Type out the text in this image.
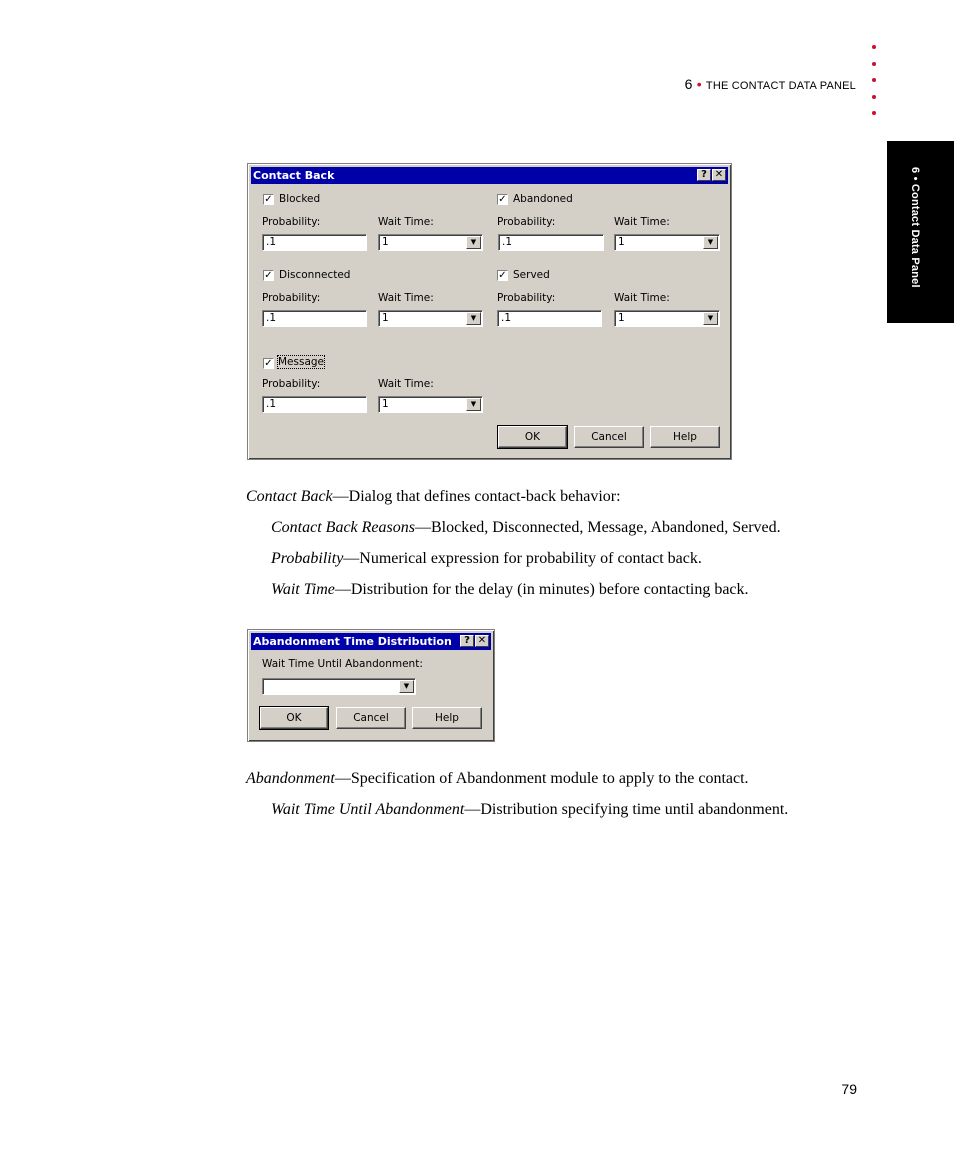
6 • THE CONTACT DATA PANEL
6 • Contact Data Panel
Contact Back	? ✕
✓ Blocked
Probability:	Wait Time:
.1	1	▼
✓ Abandoned
Probability:	Wait Time:
.1	1	▼
✓ Disconnected
Probability:	Wait Time:
.1	1	▼
✓ Served
Probability:	Wait Time:
.1	1	▼
✓ Message
Probability:	Wait Time:
.1	1	▼
OK	Cancel	Help
Contact Back—Dialog that defines contact-back behavior:
Contact Back Reasons—Blocked, Disconnected, Message, Abandoned, Served.
Probability—Numerical expression for probability of contact back.
Wait Time—Distribution for the delay (in minutes) before contacting back.
Abandonment Time Distribution	? ✕
Wait Time Until Abandonment:
▼
OK	Cancel	Help
Abandonment—Specification of Abandonment module to apply to the contact.
Wait Time Until Abandonment—Distribution specifying time until abandonment.
79
